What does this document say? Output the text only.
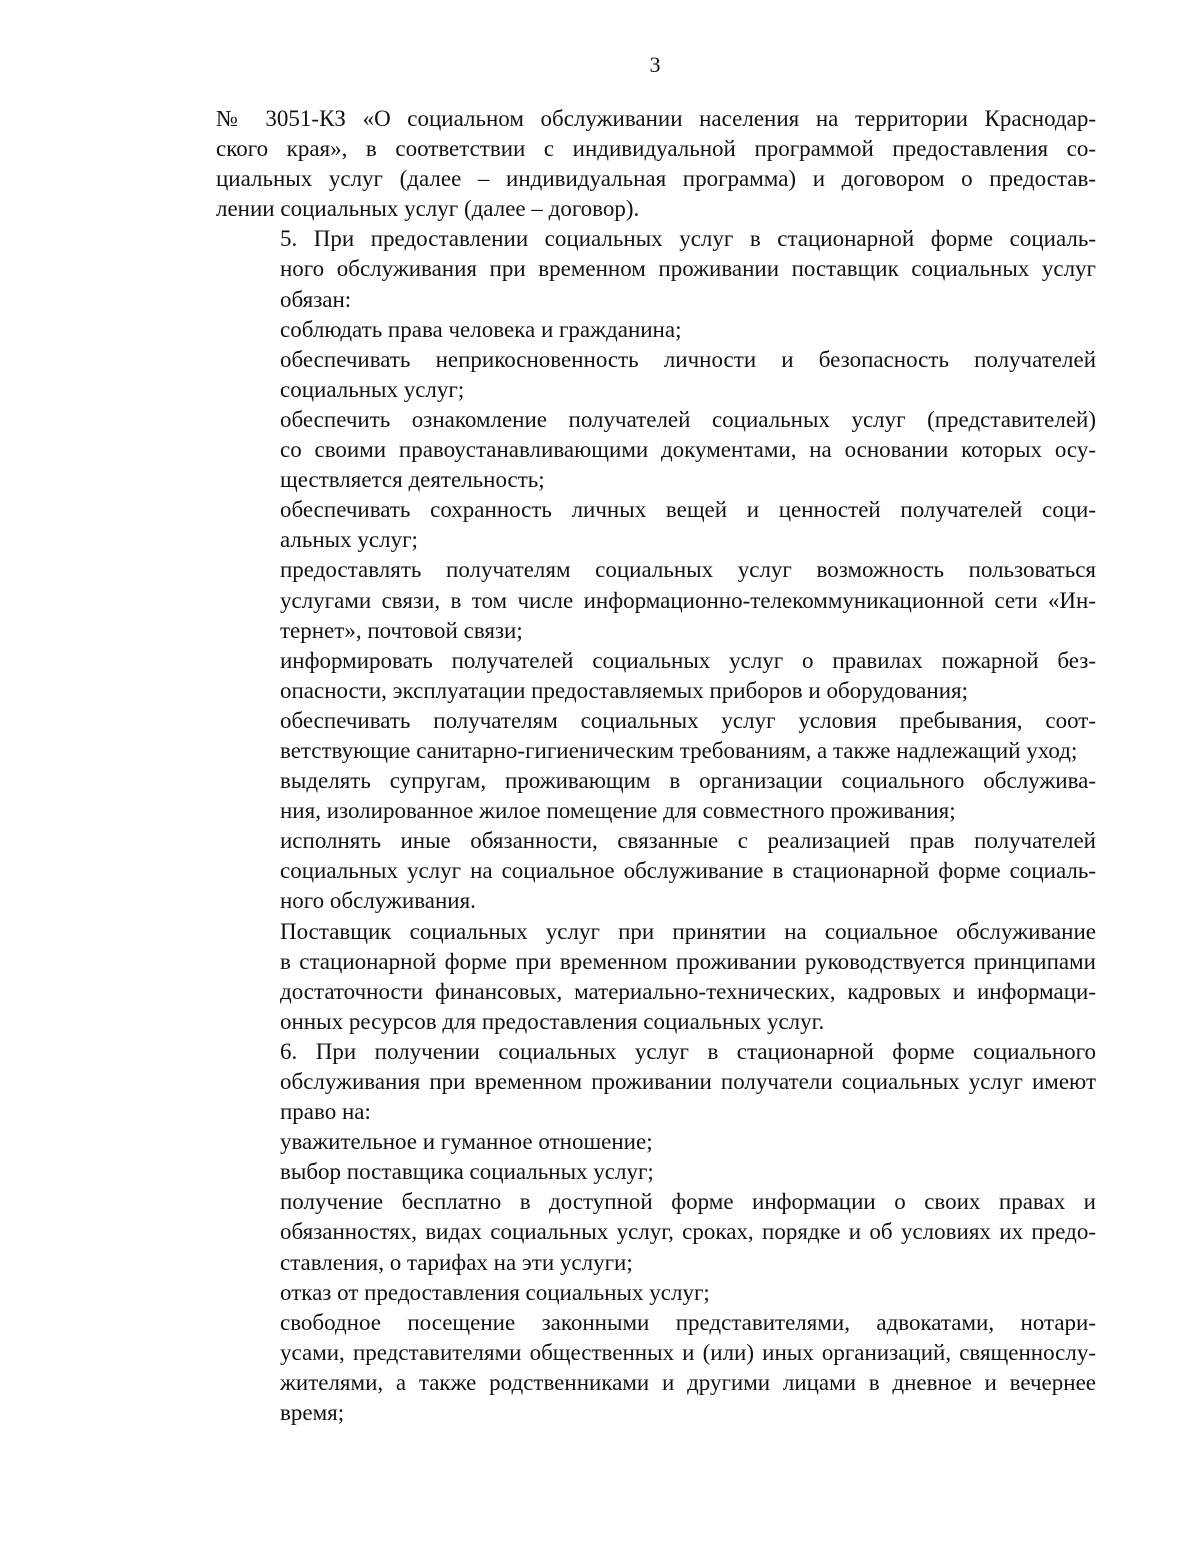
3

№ 3051-КЗ «О социальном обслуживании населения на территории Краснодар-
ского края», в соответствии с индивидуальной программой предоставления со-
циальных услуг (далее – индивидуальная программа) и договором о предостав-
лении социальных услуг (далее – договор).

5. При предоставлении социальных услуг в стационарной форме социаль-
ного обслуживания при временном проживании поставщик социальных услуг
обязан:

соблюдать права человека и гражданина;

обеспечивать неприкосновенность личности и безопасность получателей
социальных услуг;

обеспечить ознакомление получателей социальных услуг (представителей)
со своими правоустанавливающими документами, на основании которых осу-
ществляется деятельность;

обеспечивать сохранность личных вещей и ценностей получателей соци-
альных услуг;

предоставлять получателям социальных услуг возможность пользоваться
услугами связи, в том числе информационно-телекоммуникационной сети «Ин-
тернет», почтовой связи;

информировать получателей социальных услуг о правилах пожарной без-
опасности, эксплуатации предоставляемых приборов и оборудования;

обеспечивать получателям социальных услуг условия пребывания, соот-
ветствующие санитарно-гигиеническим требованиям, а также надлежащий уход;

выделять супругам, проживающим в организации социального обслужива-
ния, изолированное жилое помещение для совместного проживания;

исполнять иные обязанности, связанные с реализацией прав получателей
социальных услуг на социальное обслуживание в стационарной форме социаль-
ного обслуживания.

Поставщик социальных услуг при принятии на социальное обслуживание
в стационарной форме при временном проживании руководствуется принципами
достаточности финансовых, материально-технических, кадровых и информаци-
онных ресурсов для предоставления социальных услуг.

6. При получении социальных услуг в стационарной форме социального
обслуживания при временном проживании получатели социальных услуг имеют
право на:

уважительное и гуманное отношение;

выбор поставщика социальных услуг;

получение бесплатно в доступной форме информации о своих правах и
обязанностях, видах социальных услуг, сроках, порядке и об условиях их предо-
ставления, о тарифах на эти услуги;

отказ от предоставления социальных услуг;

свободное посещение законными представителями, адвокатами, нотари-
усами, представителями общественных и (или) иных организаций, священнослу-
жителями, а также родственниками и другими лицами в дневное и вечернее
время;
